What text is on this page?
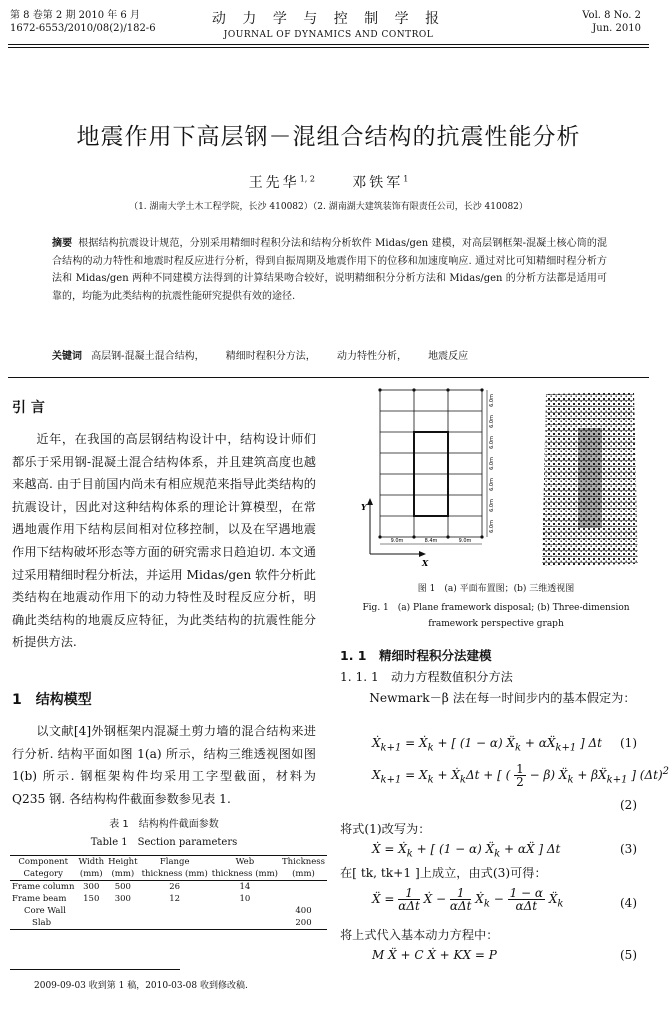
第 8 卷第 2 期 2010 年 6 月
1672-6553/2010/08(2)/182-6
动 力 学 与 控 制 学 报
JOURNAL OF DYNAMICS AND CONTROL
Vol. 8 No. 2
Jun. 2010
地震作用下高层钢－混组合结构的抗震性能分析
王先华$^{1, 2}$	邓铁军$^1$
（1. 湖南大学土木工程学院，长沙 410082）（2. 湖南湖大建筑装饰有限责任公司，长沙 410082）
摘要 根据结构抗震设计规范，分别采用精细时程积分法和结构分析软件 Midas/gen 建模，对高层钢框架-混凝土核心筒的混合结构的动力特性和地震时程反应进行分析，得到自振周期及地震作用下的位移和加速度响应. 通过对比可知精细时程分析方法和 Midas/gen 两种不同建模方法得到的计算结果吻合较好，说明精细积分分析方法和 Midas/gen 的分析方法都是适用可靠的，均能为此类结构的抗震性能研究提供有效的途径.
关键词 高层钢-混凝土混合结构， 精细时程积分方法， 动力特性分析， 地震反应
引 言
近年，在我国的高层钢结构设计中，结构设计师们都乐于采用钢-混凝土混合结构体系，并且建筑高度也越来越高. 由于目前国内尚未有相应规范来指导此类结构的抗震设计，因此对这种结构体系的理论计算模型，在常遇地震作用下结构层间相对位移控制，以及在罕遇地震作用下结构破坏形态等方面的研究需求日趋迫切. 本文通过采用精细时程分析法，并运用 Midas/gen 软件分析此类结构在地震动作用下的动力特性及时程反应分析，明确此类结构的地震反应特征，为此类结构的抗震性能分析提供方法.
1　结构模型
以文献[4]外钢框架内混凝土剪力墙的混合结构来进行分析. 结构平面如图 1(a) 所示，结构三维透视图如图 1(b) 所示. 钢框架构件均采用工字型截面，材料为 Q235 钢. 各结构构件截面参数参见表 1.
表 1　结构构件截面参数
Table 1　Section parameters
Component	Width	Height	Flange	Web	Thickness
Category	(mm)	(mm)	thickness (mm)	thickness (mm)	(mm)
Frame column	300	500	26	14	
Frame beam	150	300	12	10	
Core Wall					400
Slab					200
2009-09-03 收到第 1 稿，2010-03-08 收到修改稿.
9.0m	8.4m	9.0m
Y
X
6.0m
6.0m
6.0m
6.0m
6.0m
6.0m
6.0m
图 1　(a) 平面布置图；(b) 三维透视图
Fig. 1　(a) Plane framework disposal; (b) Three-dimension
framework perspective graph
1. 1　精细时程积分法建模
1. 1. 1　动力方程数值积分方法
Newmark－β 法在每一时间步内的基本假定为：
Ẋ$_{k+1}$ = Ẋ$_k$ + [ (1 − α) Ẍ$_k$ + αẌ$_{k+1}$ ] Δt (1)
$X_{k+1} = X_k$ + Ẋ$_k$Δt + [ ( $\frac{1}{2} - \beta$) Ẍ$_k$ + βẌ$_{k+1}$ ] $(\Delta t)^2$
(2)
将式(1)改写为：
Ẋ = Ẋ$_k$ + [ (1 − α) Ẍ$_k$ + αẌ ] Δt	(3)
在[ tk, tk+1 ]上成立，由式(3)可得：
Ẍ = $\frac{1}{\text{αΔt}}$ Ẋ − $\frac{1}{\text{αΔt}}$ Ẋ$_k$ − $\frac{1 - \alpha}{\text{αΔt}}$ Ẍ$_k$	(4)
将上式代入基本动力方程中：
M Ẍ + C Ẋ + KX = P	(5)
